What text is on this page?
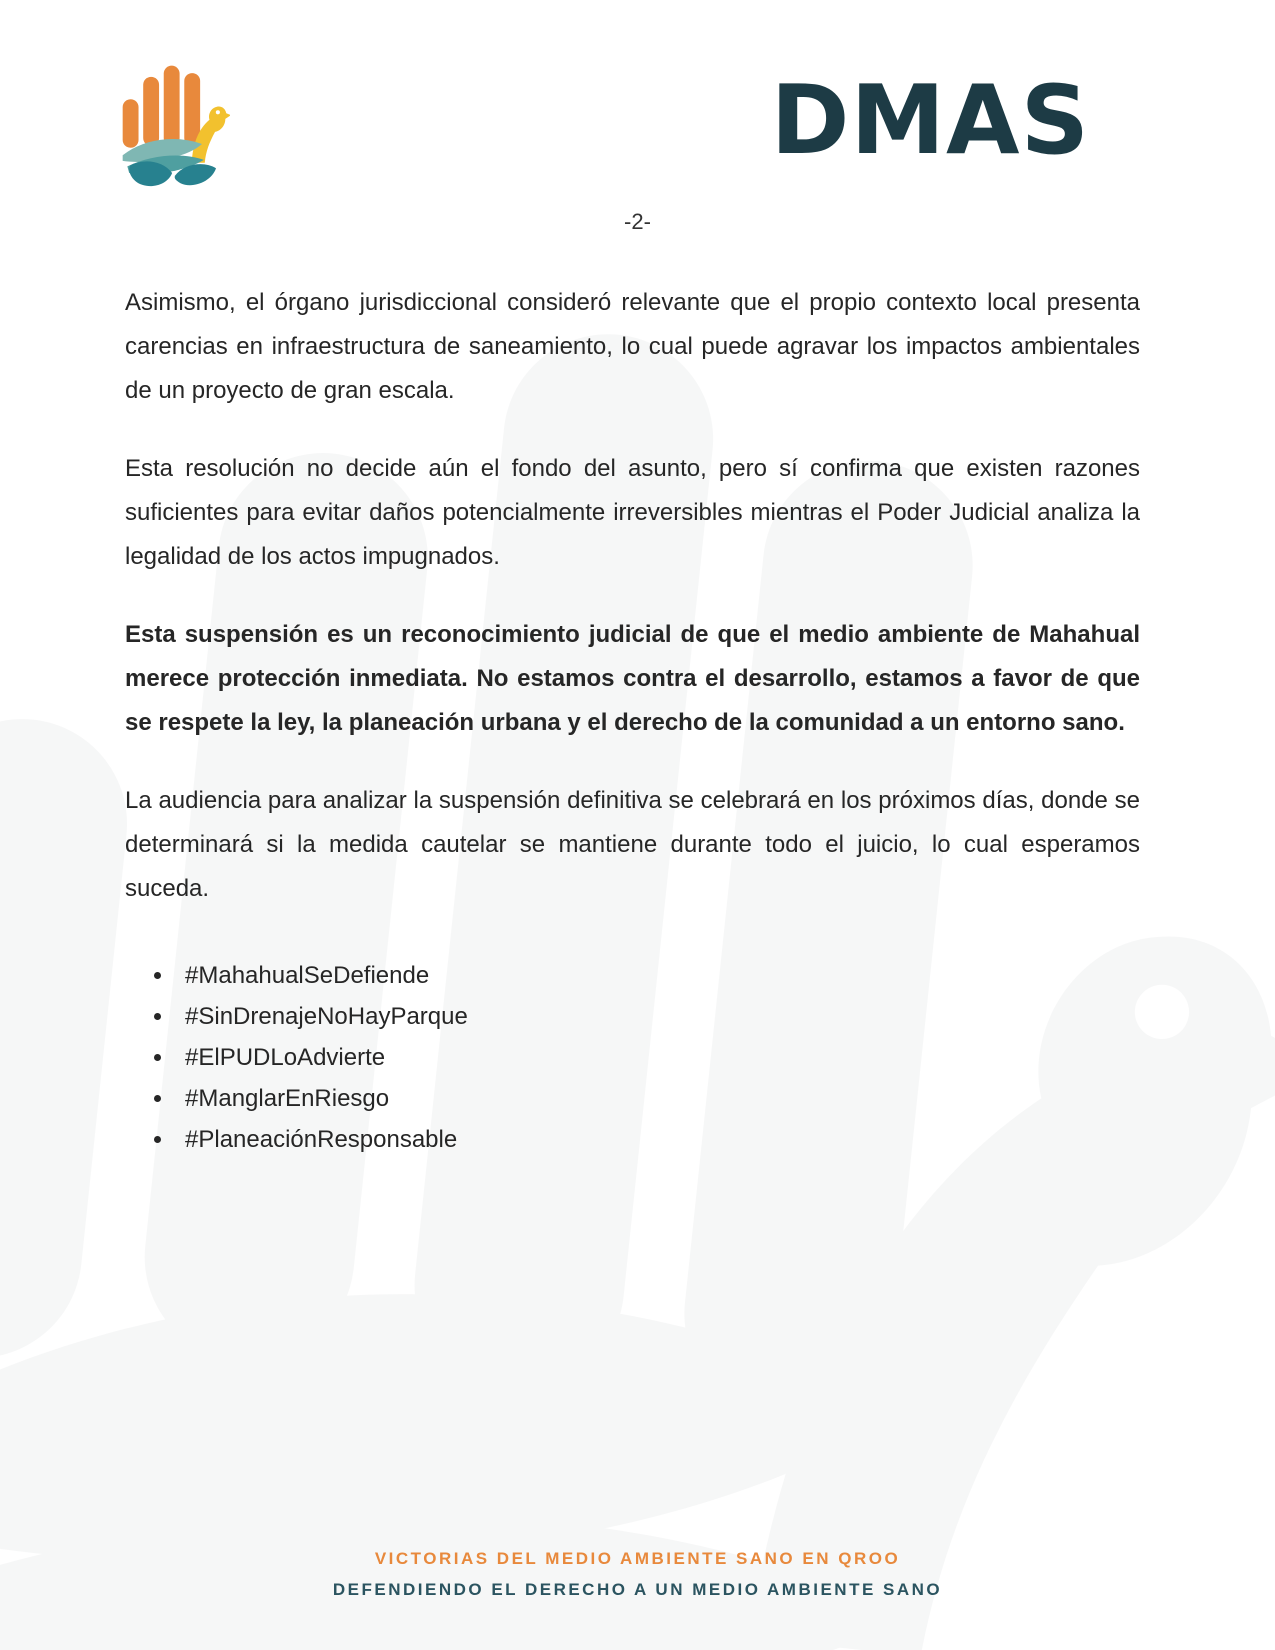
DMAS
-2-

Asimismo, el órgano jurisdiccional consideró relevante que el propio contexto local presenta carencias en infraestructura de saneamiento, lo cual puede agravar los impactos ambientales de un proyecto de gran escala.

Esta resolución no decide aún el fondo del asunto, pero sí confirma que existen razones suficientes para evitar daños potencialmente irreversibles mientras el Poder Judicial analiza la legalidad de los actos impugnados.

Esta suspensión es un reconocimiento judicial de que el medio ambiente de Mahahual merece protección inmediata. No estamos contra el desarrollo, estamos a favor de que se respete la ley, la planeación urbana y el derecho de la comunidad a un entorno sano.

La audiencia para analizar la suspensión definitiva se celebrará en los próximos días, donde se determinará si la medida cautelar se mantiene durante todo el juicio, lo cual esperamos suceda.

• #MahahualSeDefiende
• #SinDrenajeNoHayParque
• #ElPUDLoAdvierte
• #ManglarEnRiesgo
• #PlaneaciónResponsable
VICTORIAS DEL MEDIO AMBIENTE SANO EN QROO
DEFENDIENDO EL DERECHO A UN MEDIO AMBIENTE SANO
